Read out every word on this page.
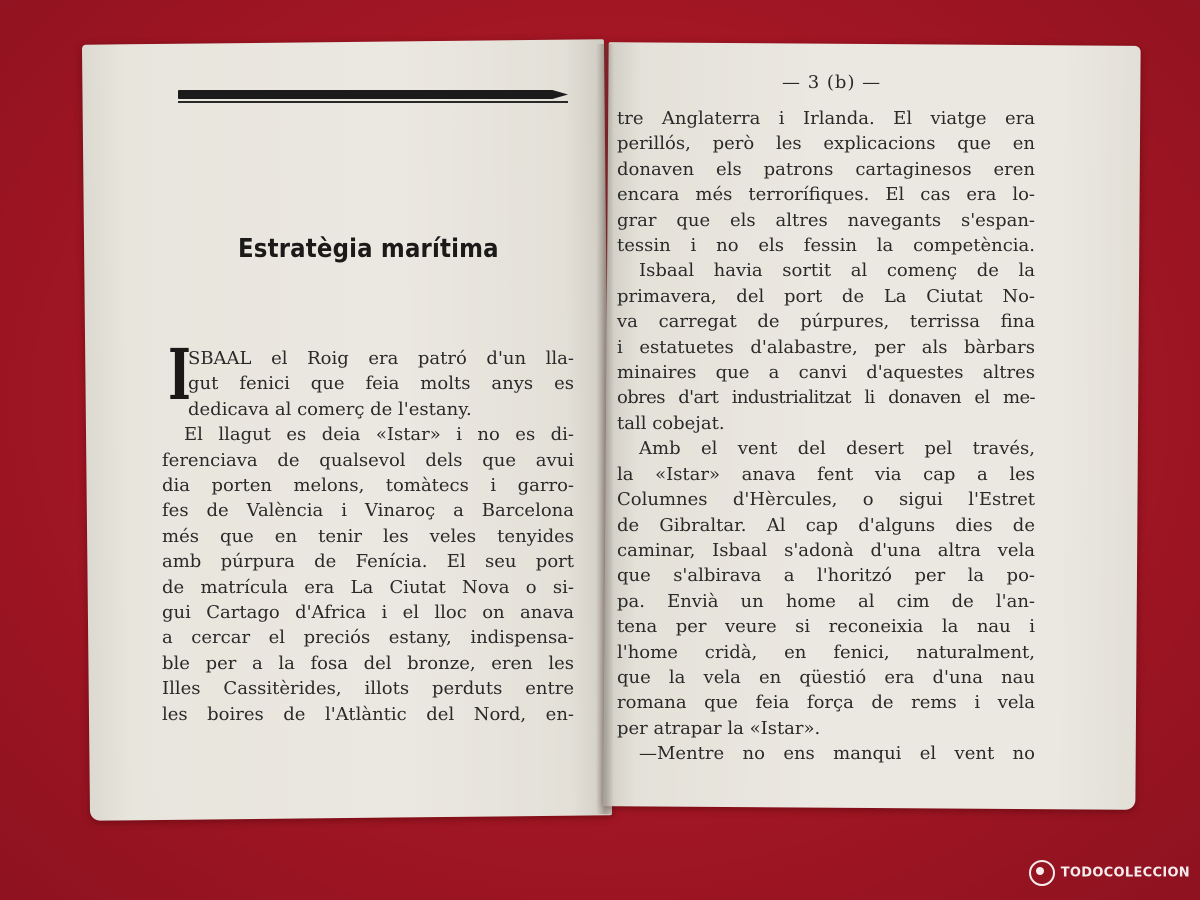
Estratègia marítima
I
SBAAL el Roig era patró d'un lla-
gut fenici que feia molts anys es
dedicava al comerç de l'estany.
El llagut es deia «Istar» i no es di-
ferenciava de qualsevol dels que avui
dia porten melons, tomàtecs i garro-
fes de València i Vinaroç a Barcelona
més que en tenir les veles tenyides
amb púrpura de Fenícia. El seu port
de matrícula era La Ciutat Nova o si-
gui Cartago d'Africa i el lloc on anava
a cercar el preciós estany, indispensa-
ble per a la fosa del bronze, eren les
Illes Cassitèrides, illots perduts entre
les boires de l'Atlàntic del Nord, en-
— 3 (b) —
tre Anglaterra i Irlanda. El viatge era
perillós, però les explicacions que en
donaven els patrons cartaginesos eren
encara més terrorífiques. El cas era lo-
grar que els altres navegants s'espan-
tessin i no els fessin la competència.
Isbaal havia sortit al començ de la
primavera, del port de La Ciutat No-
va carregat de púrpures, terrissa fina
i estatuetes d'alabastre, per als bàrbars
minaires que a canvi d'aquestes altres
obres d'art industrialitzat li donaven el me-
tall cobejat.
Amb el vent del desert pel través,
la «Istar» anava fent via cap a les
Columnes d'Hèrcules, o sigui l'Estret
de Gibraltar. Al cap d'alguns dies de
caminar, Isbaal s'adonà d'una altra vela
que s'albirava a l'horitzó per la po-
pa. Envià un home al cim de l'an-
tena per veure si reconeixia la nau i
l'home cridà, en fenici, naturalment,
que la vela en qüestió era d'una nau
romana que feia força de rems i vela
per atrapar la «Istar».
—Mentre no ens manqui el vent no
TODOCOLECCION
